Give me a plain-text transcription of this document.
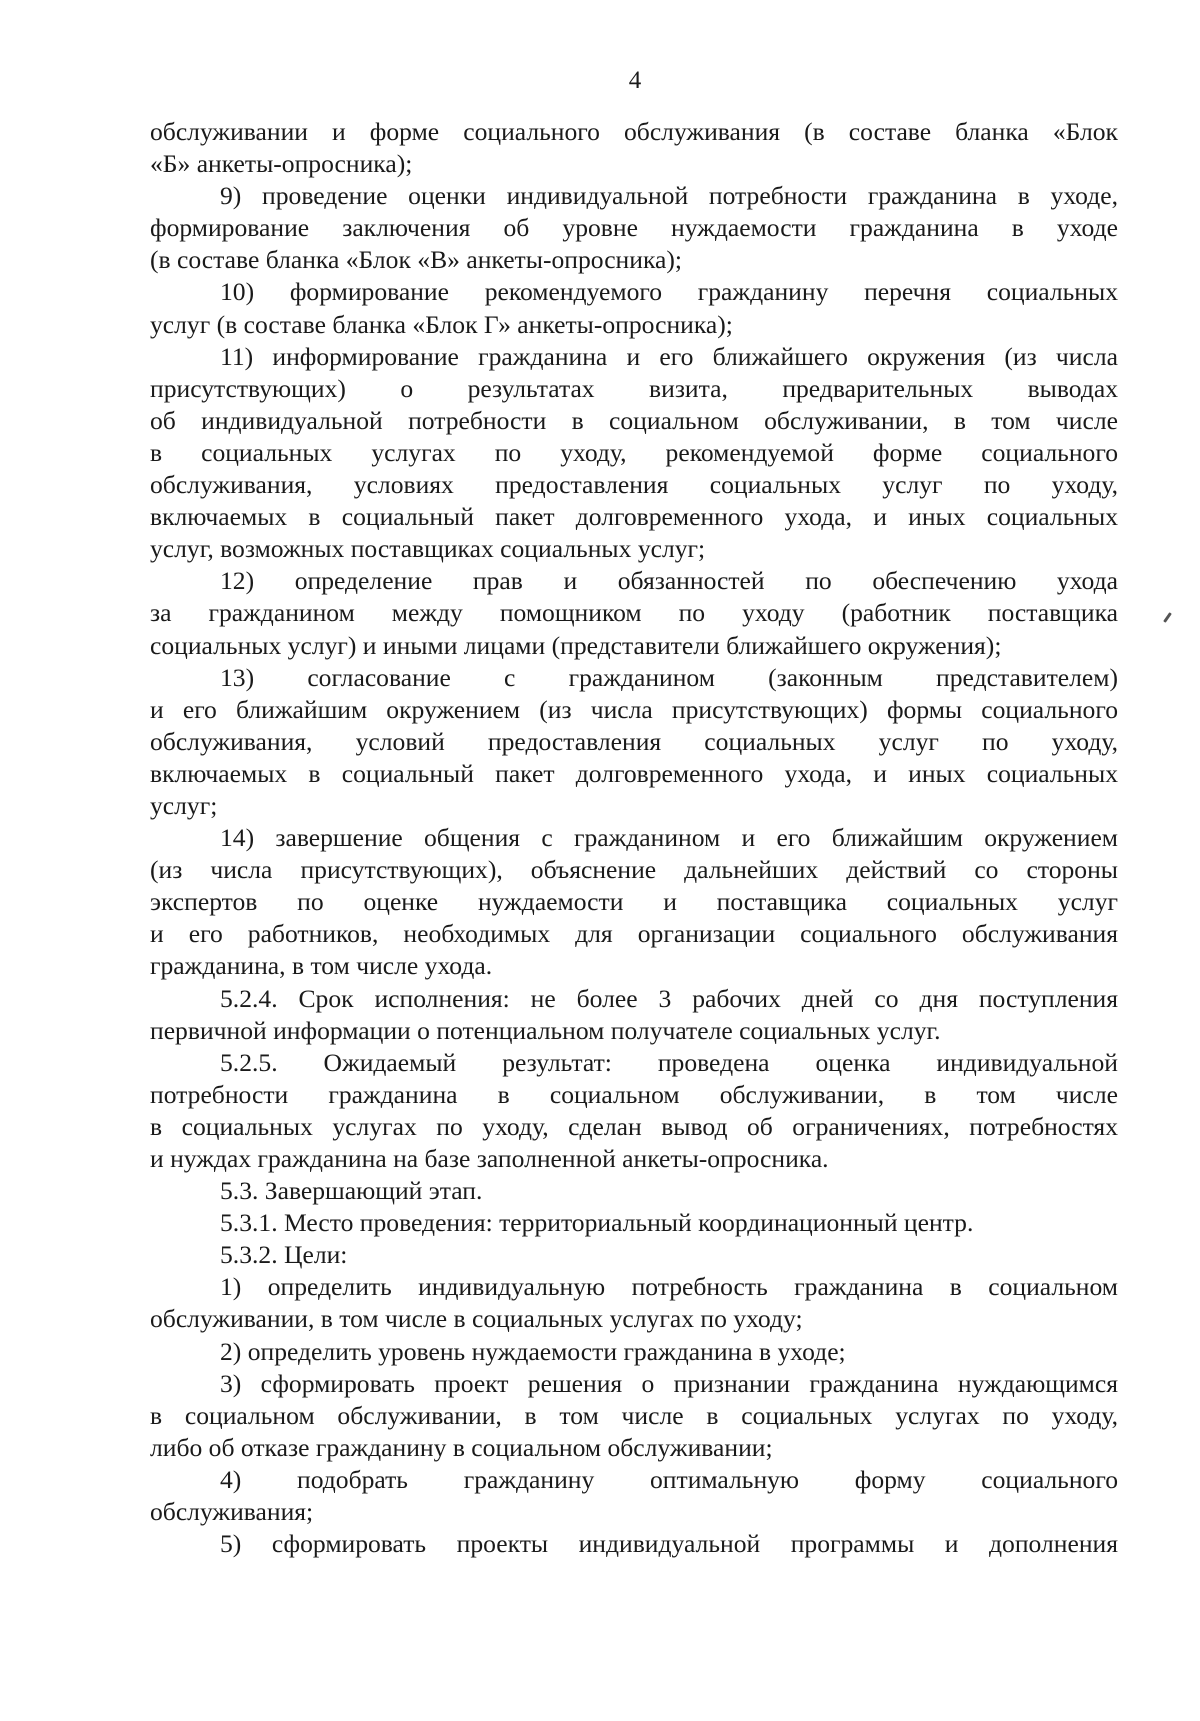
4

обслуживании и форме социального обслуживания (в составе бланка «Блок

«Б» анкеты-опросника);

9) проведение оценки индивидуальной потребности гражданина в уходе,

формирование заключения об уровне нуждаемости гражданина в уходе

(в составе бланка «Блок «В» анкеты-опросника);

10) формирование рекомендуемого гражданину перечня социальных

услуг (в составе бланка «Блок Г» анкеты-опросника);

11) информирование гражданина и его ближайшего окружения (из числа

присутствующих) о результатах визита, предварительных выводах

об индивидуальной потребности в социальном обслуживании, в том числе

в социальных услугах по уходу, рекомендуемой форме социального

обслуживания, условиях предоставления социальных услуг по уходу,

включаемых в социальный пакет долговременного ухода, и иных социальных

услуг, возможных поставщиках социальных услуг;

12) определение прав и обязанностей по обеспечению ухода

за гражданином между помощником по уходу (работник поставщика

социальных услуг) и иными лицами (представители ближайшего окружения);

13) согласование с гражданином (законным представителем)

и его ближайшим окружением (из числа присутствующих) формы социального

обслуживания, условий предоставления социальных услуг по уходу,

включаемых в социальный пакет долговременного ухода, и иных социальных

услуг;

14) завершение общения с гражданином и его ближайшим окружением

(из числа присутствующих), объяснение дальнейших действий со стороны

экспертов по оценке нуждаемости и поставщика социальных услуг

и его работников, необходимых для организации социального обслуживания

гражданина, в том числе ухода.

5.2.4. Срок исполнения: не более 3 рабочих дней со дня поступления

первичной информации о потенциальном получателе социальных услуг.

5.2.5. Ожидаемый результат: проведена оценка индивидуальной

потребности гражданина в социальном обслуживании, в том числе

в социальных услугах по уходу, сделан вывод об ограничениях, потребностях

и нуждах гражданина на базе заполненной анкеты-опросника.

5.3. Завершающий этап.

5.3.1. Место проведения: территориальный координационный центр.

5.3.2. Цели:

1) определить индивидуальную потребность гражданина в социальном

обслуживании, в том числе в социальных услугах по уходу;

2) определить уровень нуждаемости гражданина в уходе;

3) сформировать проект решения о признании гражданина нуждающимся

в социальном обслуживании, в том числе в социальных услугах по уходу,

либо об отказе гражданину в социальном обслуживании;

4) подобрать гражданину оптимальную форму социального

обслуживания;

5) сформировать проекты индивидуальной программы и дополнения
